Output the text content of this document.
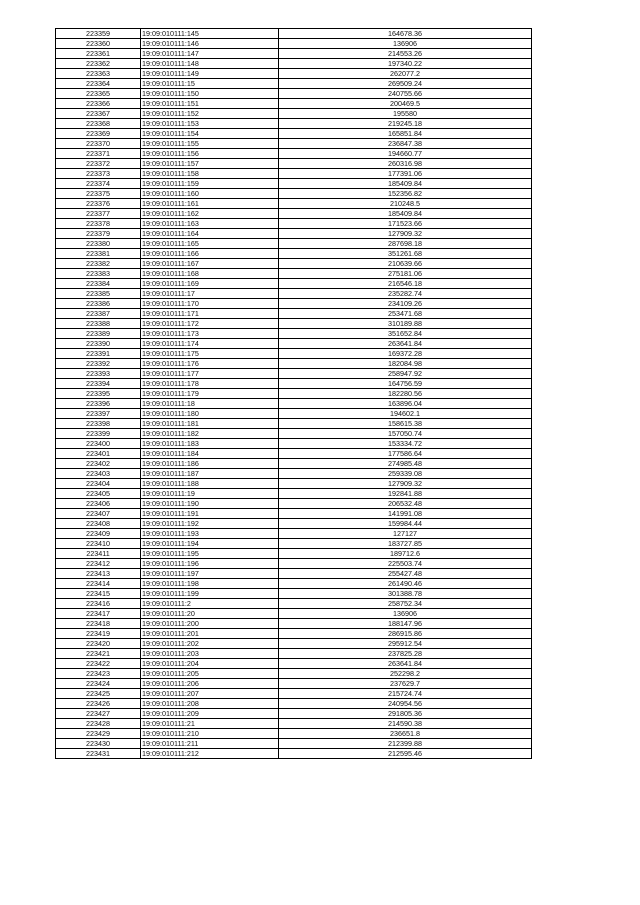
223359	19:09:010111:145	164678.36
223360	19:09:010111:146	136906
223361	19:09:010111:147	214553.26
223362	19:09:010111:148	197340.22
223363	19:09:010111:149	262077.2
223364	19:09:010111:15	269509.24
223365	19:09:010111:150	240755.66
223366	19:09:010111:151	200469.5
223367	19:09:010111:152	195580
223368	19:09:010111:153	219245.18
223369	19:09:010111:154	165851.84
223370	19:09:010111:155	236847.38
223371	19:09:010111:156	194660.77
223372	19:09:010111:157	260316.98
223373	19:09:010111:158	177391.06
223374	19:09:010111:159	185409.84
223375	19:09:010111:160	152356.82
223376	19:09:010111:161	210248.5
223377	19:09:010111:162	185409.84
223378	19:09:010111:163	171523.66
223379	19:09:010111:164	127909.32
223380	19:09:010111:165	287698.18
223381	19:09:010111:166	351261.68
223382	19:09:010111:167	210639.66
223383	19:09:010111:168	275181.06
223384	19:09:010111:169	216546.18
223385	19:09:010111:17	235282.74
223386	19:09:010111:170	234109.26
223387	19:09:010111:171	253471.68
223388	19:09:010111:172	310189.88
223389	19:09:010111:173	351652.84
223390	19:09:010111:174	263641.84
223391	19:09:010111:175	169372.28
223392	19:09:010111:176	182084.98
223393	19:09:010111:177	258947.92
223394	19:09:010111:178	164756.59
223395	19:09:010111:179	182280.56
223396	19:09:010111:18	163896.04
223397	19:09:010111:180	194602.1
223398	19:09:010111:181	158615.38
223399	19:09:010111:182	157050.74
223400	19:09:010111:183	153334.72
223401	19:09:010111:184	177586.64
223402	19:09:010111:186	274985.48
223403	19:09:010111:187	259339.08
223404	19:09:010111:188	127909.32
223405	19:09:010111:19	192841.88
223406	19:09:010111:190	206532.48
223407	19:09:010111:191	141991.08
223408	19:09:010111:192	159984.44
223409	19:09:010111:193	127127
223410	19:09:010111:194	183727.85
223411	19:09:010111:195	189712.6
223412	19:09:010111:196	225503.74
223413	19:09:010111:197	255427.48
223414	19:09:010111:198	261490.46
223415	19:09:010111:199	301388.78
223416	19:09:010111:2	258752.34
223417	19:09:010111:20	136906
223418	19:09:010111:200	188147.96
223419	19:09:010111:201	286915.86
223420	19:09:010111:202	295912.54
223421	19:09:010111:203	237825.28
223422	19:09:010111:204	263641.84
223423	19:09:010111:205	252298.2
223424	19:09:010111:206	237629.7
223425	19:09:010111:207	215724.74
223426	19:09:010111:208	240954.56
223427	19:09:010111:209	291805.36
223428	19:09:010111:21	214590.38
223429	19:09:010111:210	236651.8
223430	19:09:010111:211	212399.88
223431	19:09:010111:212	212595.46
